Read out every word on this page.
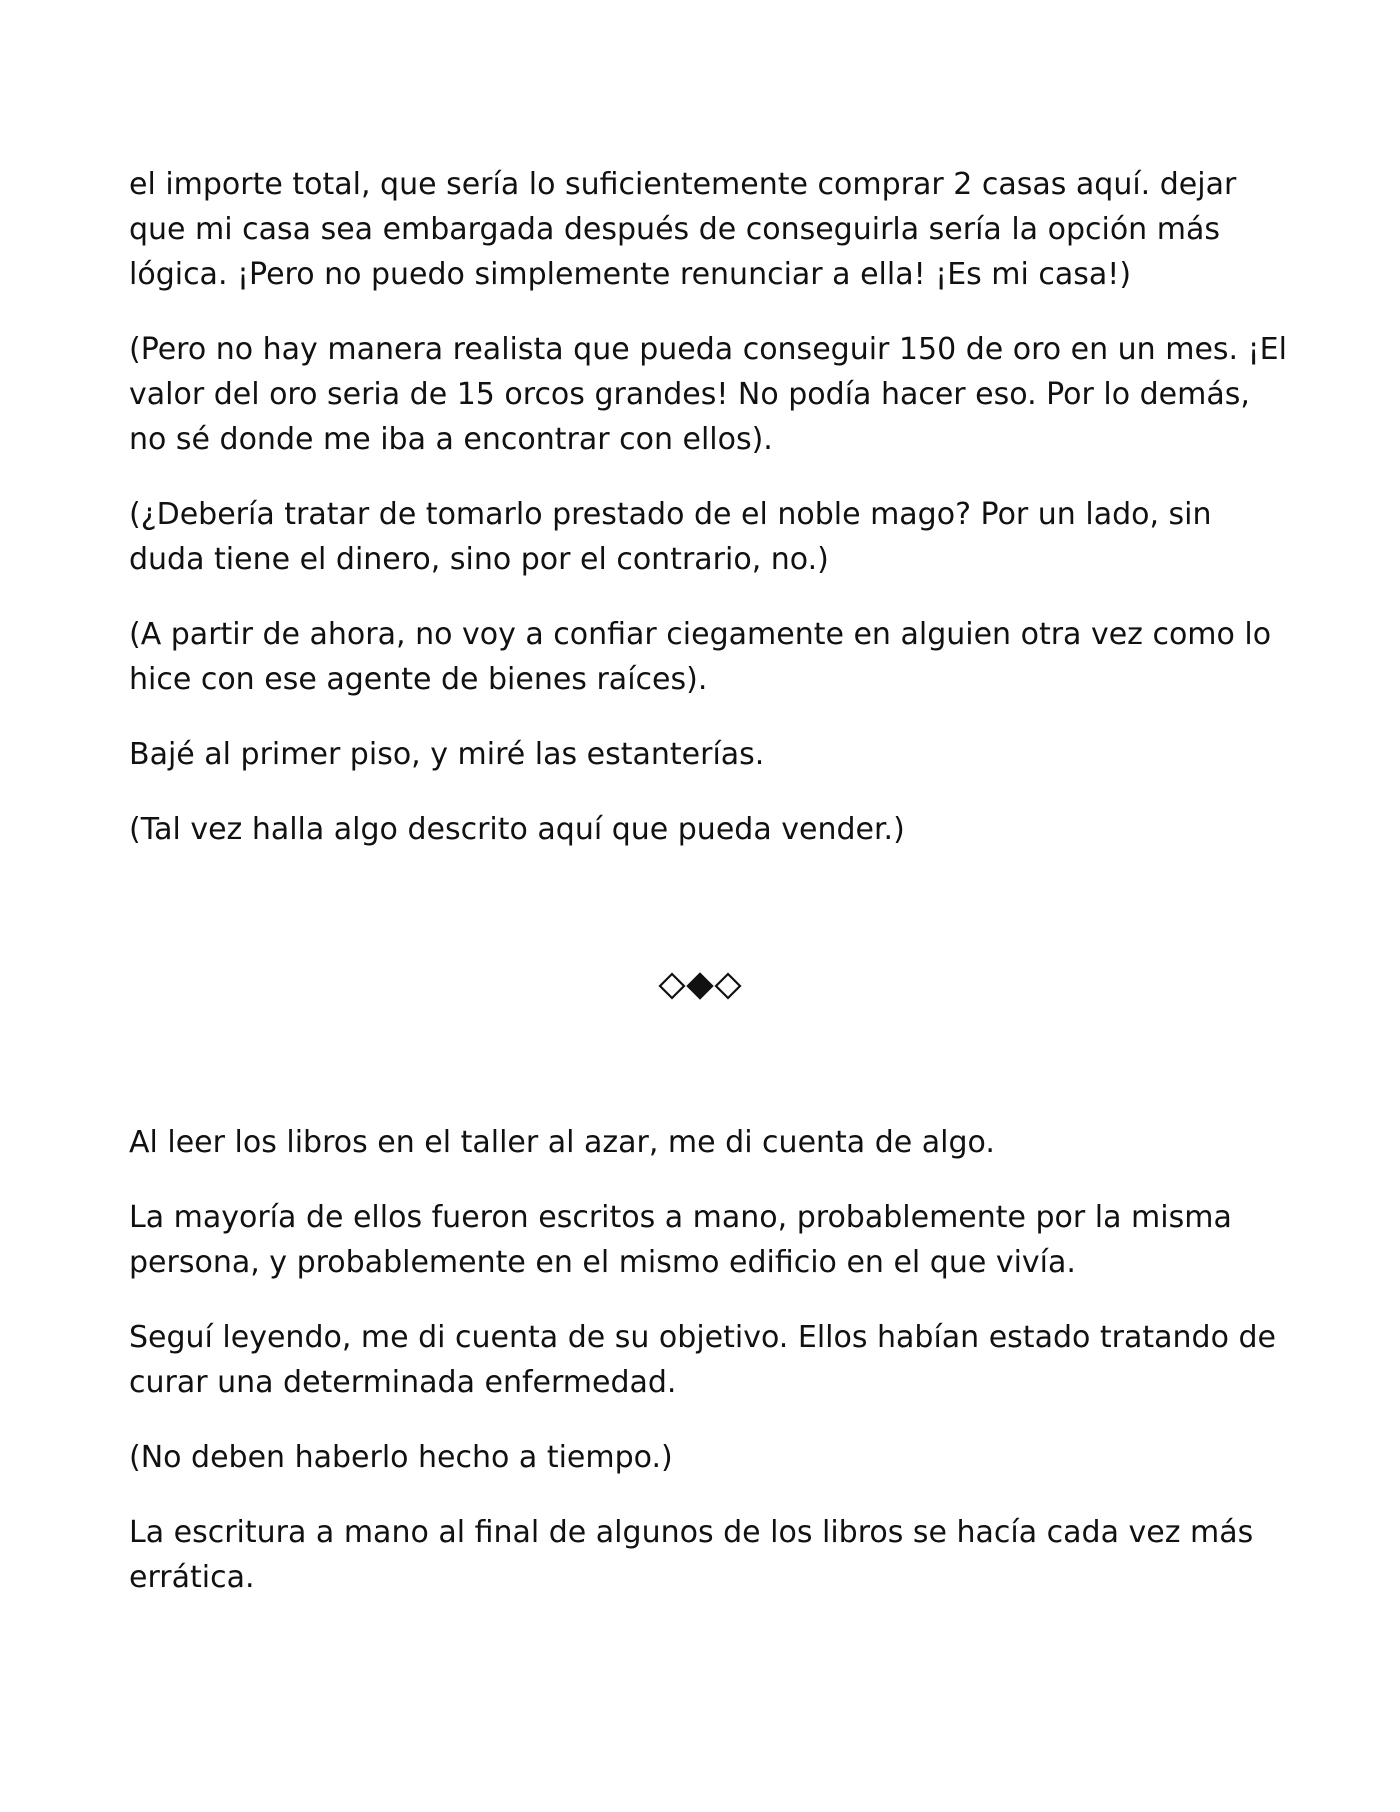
el importe total, que sería lo suficientemente comprar 2 casas aquí. dejar que mi casa sea embargada después de conseguirla sería la opción más lógica. ¡Pero no puedo simplemente renunciar a ella! ¡Es mi casa!)

(Pero no hay manera realista que pueda conseguir 150 de oro en un mes. ¡El valor del oro seria de 15 orcos grandes! No podía hacer eso. Por lo demás, no sé donde me iba a encontrar con ellos).

(¿Debería tratar de tomarlo prestado de el noble mago? Por un lado, sin duda tiene el dinero, sino por el contrario, no.)

(A partir de ahora, no voy a confiar ciegamente en alguien otra vez como lo hice con ese agente de bienes raíces).

Bajé al primer piso, y miré las estanterías.

(Tal vez halla algo descrito aquí que pueda vender.)

Al leer los libros en el taller al azar, me di cuenta de algo.

La mayoría de ellos fueron escritos a mano, probablemente por la misma persona, y probablemente en el mismo edificio en el que vivía.

Seguí leyendo, me di cuenta de su objetivo. Ellos habían estado tratando de curar una determinada enfermedad.

(No deben haberlo hecho a tiempo.)

La escritura a mano al final de algunos de los libros se hacía cada vez más errática.
